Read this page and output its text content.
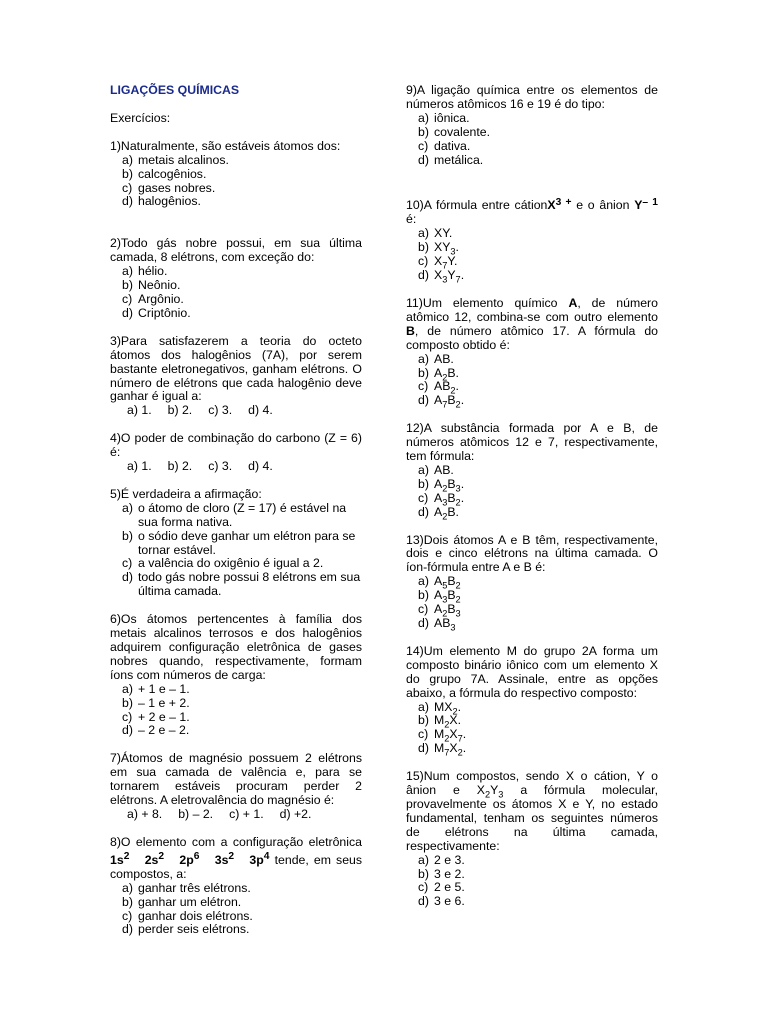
LIGAÇÕES QUÍMICAS
Exercícios:
1)Naturalmente, são estáveis átomos dos:
a) metais alcalinos.
b) calcogênios.
c) gases nobres.
d) halogênios.
2)Todo gás nobre possui, em sua última camada, 8 elétrons, com exceção do:
a) hélio.
b) Neônio.
c) Argônio.
d) Criptônio.
3)Para satisfazerem a teoria do octeto átomos dos halogênios (7A), por serem bastante eletronegativos, ganham elétrons. O número de elétrons que cada halogênio deve ganhar é igual a:
a) 1. b) 2. c) 3. d) 4.
4)O poder de combinação do carbono (Z = 6) é:
a) 1. b) 2. c) 3. d) 4.
5)É verdadeira a afirmação:
a) o átomo de cloro (Z = 17) é estável na sua forma nativa.
b) o sódio deve ganhar um elétron para se tornar estável.
c) a valência do oxigênio é igual a 2.
d) todo gás nobre possui 8 elétrons em sua última camada.
6)Os átomos pertencentes à família dos metais alcalinos terrosos e dos halogênios adquirem configuração eletrônica de gases nobres quando, respectivamente, formam íons com números de carga:
a) + 1 e – 1.
b) – 1 e + 2.
c) + 2 e – 1.
d) – 2 e – 2.
7)Átomos de magnésio possuem 2 elétrons em sua camada de valência e, para se tornarem estáveis procuram perder 2 elétrons. A eletrovalência do magnésio é:
a) + 8. b) – 2. c) + 1. d) +2.
8)O elemento com a configuração eletrônica $1s^2$ $2s^2$ $2p^6$ $3s^2$ $3p^4$ tende, em seus compostos, a:
a) ganhar três elétrons.
b) ganhar um elétron.
c) ganhar dois elétrons.
d) perder seis elétrons.
9)A ligação química entre os elementos de números atômicos 16 e 19 é do tipo:
a) iônica.
b) covalente.
c) dativa.
d) metálica.
10)A fórmula entre cátionX$^{3 +}$ e o ânion $Y^{- 1}$ é:
a) XY.
b) $XY_3$.
c) $X_7Y$.
d) $X_3Y_7$.
11)Um elemento químico A, de número atômico 12, combina-se com outro elemento B, de número atômico 17. A fórmula do composto obtido é:
a) AB.
b) $A_2B$.
c) $AB_2$.
d) $A_7B_2$.
12)A substância formada por A e B, de números atômicos 12 e 7, respectivamente, tem fórmula:
a) AB.
b) $A_2B_3$.
c) $A_3B_2$.
d) $A_2B$.
13)Dois átomos A e B têm, respectivamente, dois e cinco elétrons na última camada. O íon-fórmula entre A e B é:
a) $A_5B_2$
b) $A_3B_2$
c) $A_2B_3$
d) $AB_3$
14)Um elemento M do grupo 2A forma um composto binário iônico com um elemento X do grupo 7A. Assinale, entre as opções abaixo, a fórmula do respectivo composto:
a) $MX_2$.
b) $M_2X$.
c) $M_2X_7$.
d) $M_7X_2$.
15)Num compostos, sendo X o cátion, Y o ânion e $X_2Y_3$ a fórmula molecular, provavelmente os átomos X e Y, no estado fundamental, tenham os seguintes números de elétrons na última camada, respectivamente:
a) 2 e 3.
b) 3 e 2.
c) 2 e 5.
d) 3 e 6.
